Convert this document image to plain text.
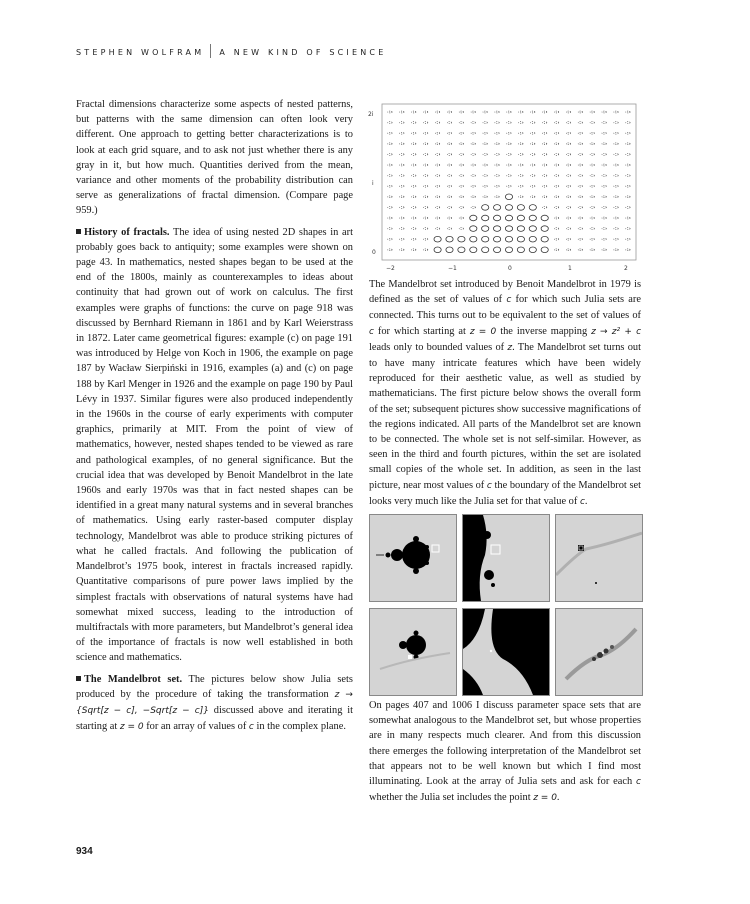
STEPHEN WOLFRAM A NEW KIND OF SCIENCE

Fractal dimensions characterize some aspects of nested patterns, but patterns with the same dimension can often look very different. One approach to getting better characterizations is to look at each grid square, and to ask not just whether there is any gray in it, but how much. Quantities derived from the mean, variance and other moments of the probability distribution can serve as generalizations of fractal dimension. (Compare page 959.)

History of fractals. The idea of using nested 2D shapes in art probably goes back to antiquity; some examples were shown on page 43. In mathematics, nested shapes began to be used at the end of the 1800s, mainly as counterexamples to ideas about continuity that had grown out of work on calculus. The first examples were graphs of functions: the curve on page 918 was discussed by Bernhard Riemann in 1861 and by Karl Weierstrass in 1872. Later came geometrical figures: example (c) on page 191 was introduced by Helge von Koch in 1906, the example on page 187 by Wacław Sierpiński in 1916, examples (a) and (c) on page 188 by Karl Menger in 1926 and the example on page 190 by Paul Lévy in 1937. Similar figures were also produced independently in the 1960s in the course of early experiments with computer graphics, primarily at MIT. From the point of view of mathematics, however, nested shapes tended to be viewed as rare and pathological examples, of no general significance. But the crucial idea that was developed by Benoit Mandelbrot in the late 1960s and early 1970s was that in fact nested shapes can be identified in a great many natural systems and in several branches of mathematics. Using early raster-based computer display technology, Mandelbrot was able to produce striking pictures of what he called fractals. And following the publication of Mandelbrot’s 1975 book, interest in fractals increased rapidly. Quantitative comparisons of pure power laws implied by the simplest fractals with observations of natural systems have had somewhat mixed success, leading to the introduction of multifractals with more parameters, but Mandelbrot’s general idea of the importance of fractals is now well established in both science and mathematics.

The Mandelbrot set. The pictures below show Julia sets produced by the procedure of taking the transformation z → {Sqrt[z − c], −Sqrt[z − c]} discussed above and iterating it starting at z = 0 for an array of values of c in the complex plane.

2i
i
0
−2	−1	0	1	2

The Mandelbrot set introduced by Benoit Mandelbrot in 1979 is defined as the set of values of c for which such Julia sets are connected. This turns out to be equivalent to the set of values of c for which starting at z = 0 the inverse mapping z → z² + c leads only to bounded values of z. The Mandelbrot set turns out to have many intricate features which have been widely reproduced for their aesthetic value, as well as studied by mathematicians. The first picture below shows the overall form of the set; subsequent pictures show successive magnifications of the regions indicated. All parts of the Mandelbrot set are known to be connected. The whole set is not self-similar. However, as seen in the third and fourth pictures, within the set are isolated small copies of the whole set. In addition, as seen in the last picture, near most values of c the boundary of the Mandelbrot set looks very much like the Julia set for that value of c.

On pages 407 and 1006 I discuss parameter space sets that are somewhat analogous to the Mandelbrot set, but whose properties are in many respects much clearer. And from this discussion there emerges the following interpretation of the Mandelbrot set that appears not to be well known but which I find most illuminating. Look at the array of Julia sets and ask for each c whether the Julia set includes the point z = 0.

934
